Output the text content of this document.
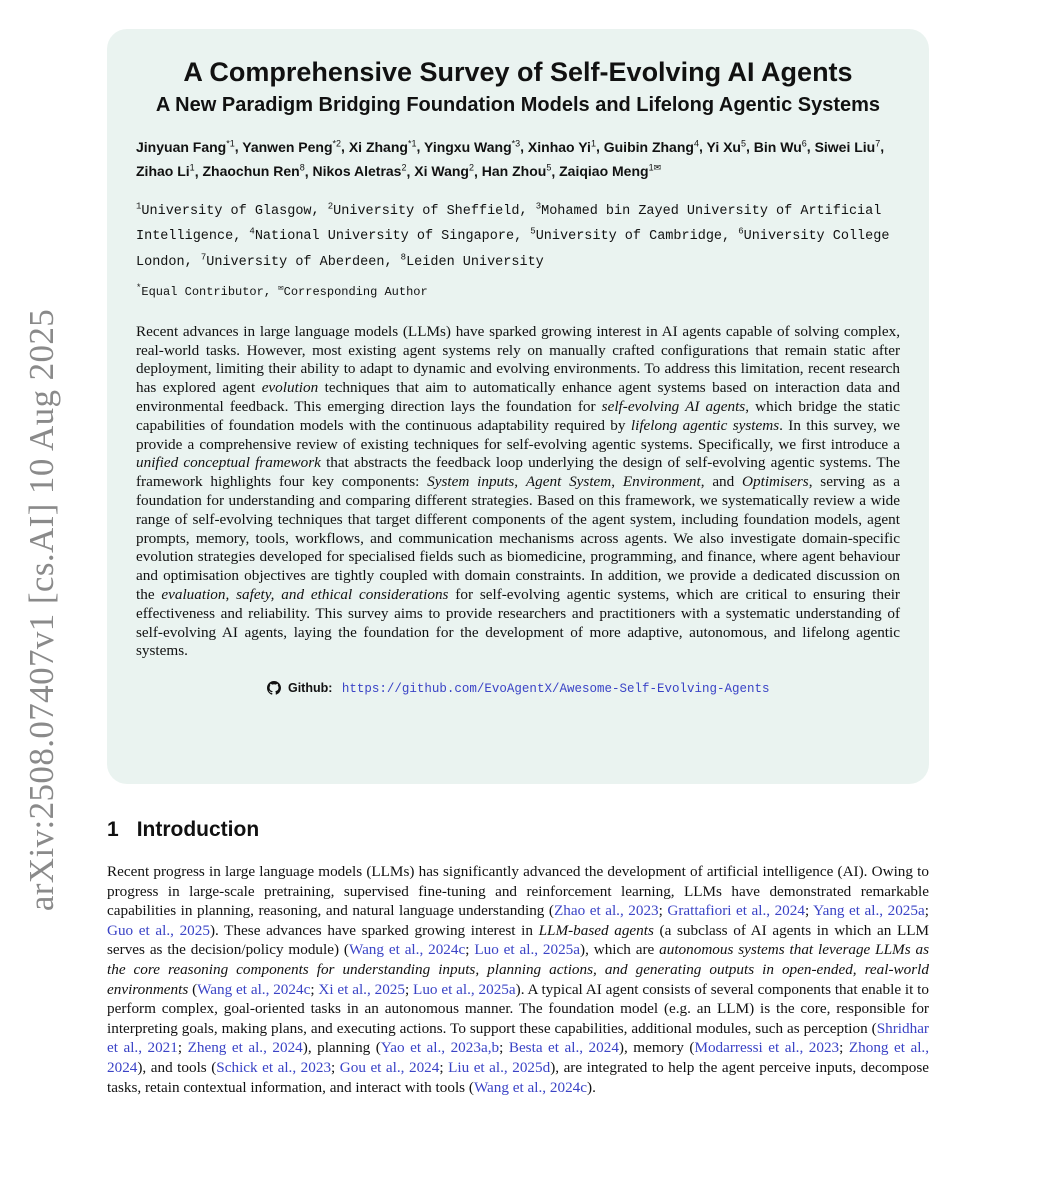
arXiv:2508.07407v1 [cs.AI] 10 Aug 2025
A Comprehensive Survey of Self-Evolving AI Agents
A New Paradigm Bridging Foundation Models and Lifelong Agentic Systems
Jinyuan Fang$^{*1}$, Yanwen Peng$^{*2}$, Xi Zhang$^{*1}$, Yingxu Wang$^{*3}$, Xinhao Yi$^1$, Guibin Zhang$^4$, Yi Xu$^5$, Bin Wu$^6$, Siwei Liu$^7$, Zihao Li$^1$, Zhaochun Ren$^8$, Nikos Aletras$^2$, Xi Wang$^2$, Han Zhou$^5$, Zaiqiao Meng$^{1✉}$
$^1$University of Glasgow, $^2$University of Sheffield, $^3$Mohamed bin Zayed University of Artificial Intelligence, $^4$National University of Singapore, $^5$University of Cambridge, $^6$University College London, $^7$University of Aberdeen, $^8$Leiden University
*Equal Contributor, ✉Corresponding Author

Recent advances in large language models (LLMs) have sparked growing interest in AI agents capable of solving complex, real-world tasks. However, most existing agent systems rely on manually crafted configurations that remain static after deployment, limiting their ability to adapt to dynamic and evolving environments. To address this limitation, recent research has explored agent evolution techniques that aim to automatically enhance agent systems based on interaction data and environmental feedback. This emerging direction lays the foundation for self-evolving AI agents, which bridge the static capabilities of foundation models with the continuous adaptability required by lifelong agentic systems. In this survey, we provide a comprehensive review of existing techniques for self-evolving agentic systems. Specifically, we first introduce a unified conceptual framework that abstracts the feedback loop underlying the design of self-evolving agentic systems. The framework highlights four key components: System inputs, Agent System, Environment, and Optimisers, serving as a foundation for understanding and comparing different strategies. Based on this framework, we systematically review a wide range of self-evolving techniques that target different components of the agent system, including foundation models, agent prompts, memory, tools, workflows, and communication mechanisms across agents. We also investigate domain-specific evolution strategies developed for specialised fields such as biomedicine, programming, and finance, where agent behaviour and optimisation objectives are tightly coupled with domain constraints. In addition, we provide a dedicated discussion on the evaluation, safety, and ethical considerations for self-evolving agentic systems, which are critical to ensuring their effectiveness and reliability. This survey aims to provide researchers and practitioners with a systematic understanding of self-evolving AI agents, laying the foundation for the development of more adaptive, autonomous, and lifelong agentic systems.

Github: https://github.com/EvoAgentX/Awesome-Self-Evolving-Agents
1 Introduction

Recent progress in large language models (LLMs) has significantly advanced the development of artificial intelligence (AI). Owing to progress in large-scale pretraining, supervised fine-tuning and reinforcement learning, LLMs have demonstrated remarkable capabilities in planning, reasoning, and natural language understanding (Zhao et al., 2023; Grattafiori et al., 2024; Yang et al., 2025a; Guo et al., 2025). These advances have sparked growing interest in LLM-based agents (a subclass of AI agents in which an LLM serves as the decision/policy module) (Wang et al., 2024c; Luo et al., 2025a), which are autonomous systems that leverage LLMs as the core reasoning components for understanding inputs, planning actions, and generating outputs in open-ended, real-world environments (Wang et al., 2024c; Xi et al., 2025; Luo et al., 2025a). A typical AI agent consists of several components that enable it to perform complex, goal-oriented tasks in an autonomous manner. The foundation model (e.g. an LLM) is the core, responsible for interpreting goals, making plans, and executing actions. To support these capabilities, additional modules, such as perception (Shridhar et al., 2021; Zheng et al., 2024), planning (Yao et al., 2023a,b; Besta et al., 2024), memory (Modarressi et al., 2023; Zhong et al., 2024), and tools (Schick et al., 2023; Gou et al., 2024; Liu et al., 2025d), are integrated to help the agent perceive inputs, decompose tasks, retain contextual information, and interact with tools (Wang et al., 2024c).
